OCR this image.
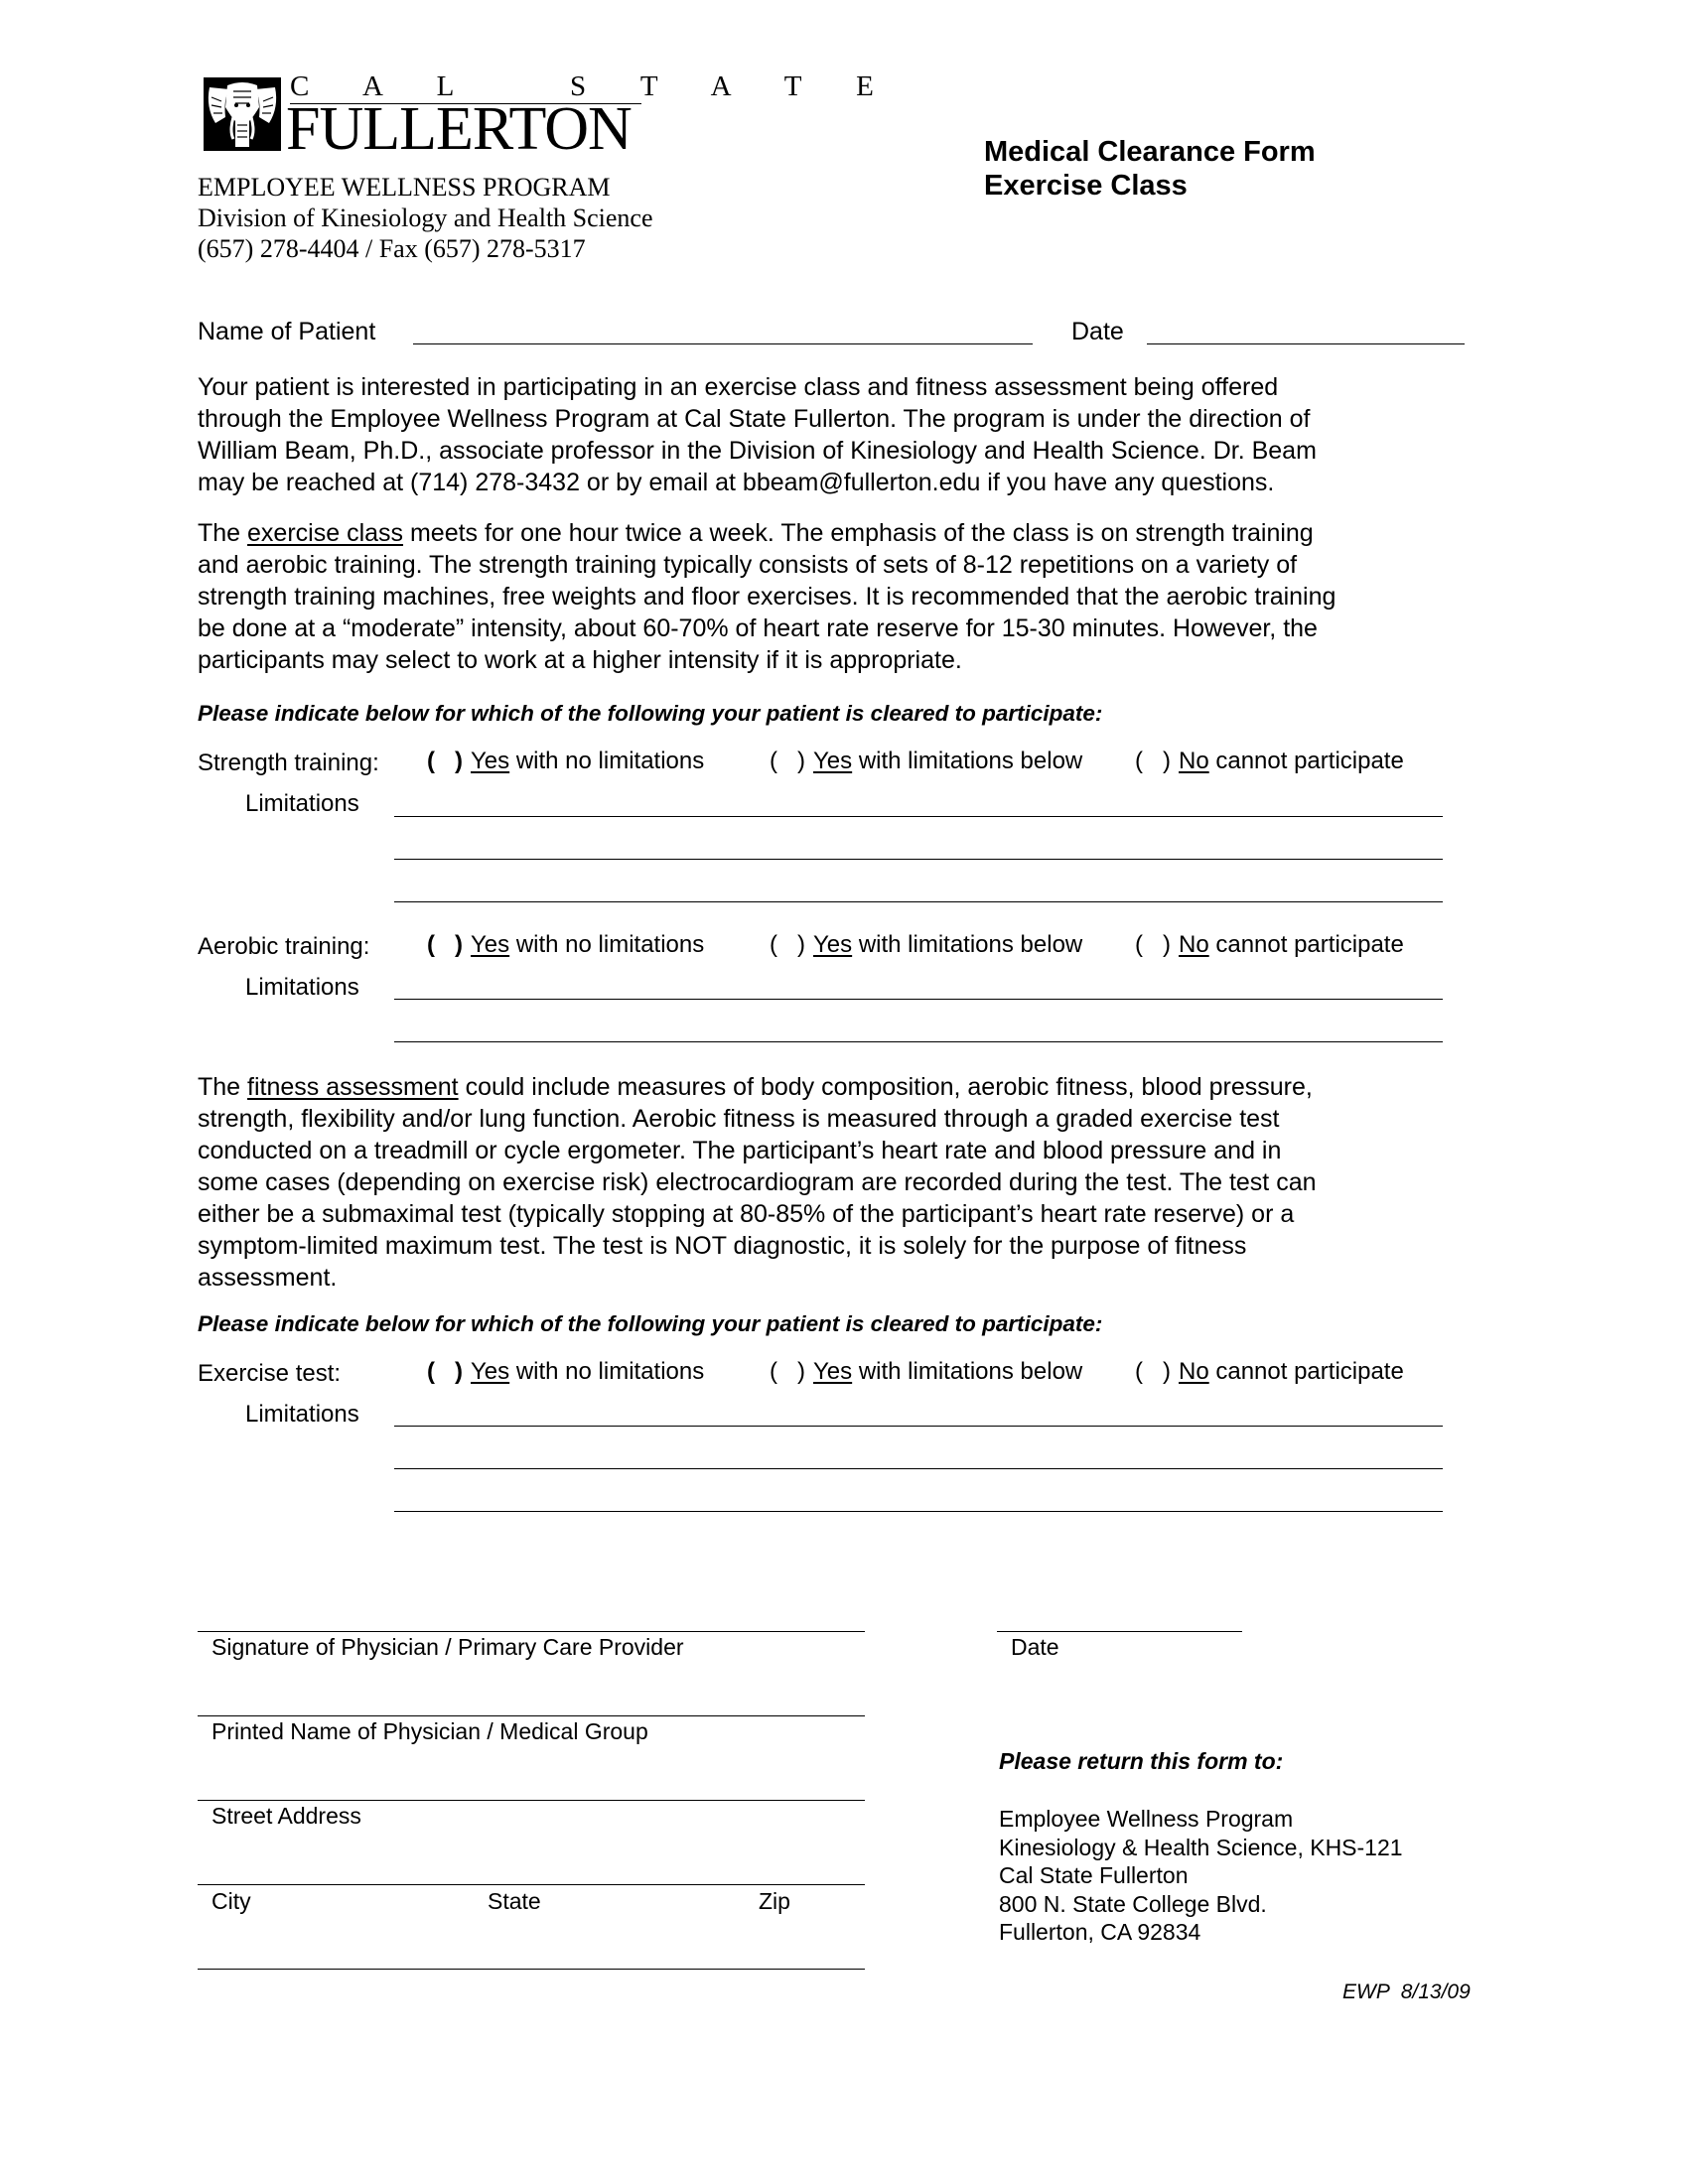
C A L   S T A T E
FULLERTON
EMPLOYEE WELLNESS PROGRAM
Division of Kinesiology and Health Science
(657) 278-4404 / Fax (657) 278-5317
Medical Clearance Form
Exercise Class
Name of Patient	Date
Your patient is interested in participating in an exercise class and fitness assessment being offered
through the Employee Wellness Program at Cal State Fullerton. The program is under the direction of
William Beam, Ph.D., associate professor in the Division of Kinesiology and Health Science. Dr. Beam
may be reached at (714) 278-3432 or by email at bbeam@fullerton.edu if you have any questions.
The exercise class meets for one hour twice a week. The emphasis of the class is on strength training
and aerobic training. The strength training typically consists of sets of 8-12 repetitions on a variety of
strength training machines, free weights and floor exercises. It is recommended that the aerobic training
be done at a “moderate” intensity, about 60-70% of heart rate reserve for 15-30 minutes. However, the
participants may select to work at a higher intensity if it is appropriate.
Please indicate below for which of the following your patient is cleared to participate:
Strength training: (   ) Yes with no limitations	(   ) Yes with limitations below (   ) No cannot participate
Limitations
Aerobic training: (   ) Yes with no limitations	(   ) Yes with limitations below (   ) No cannot participate
Limitations
The fitness assessment could include measures of body composition, aerobic fitness, blood pressure,
strength, flexibility and/or lung function. Aerobic fitness is measured through a graded exercise test
conducted on a treadmill or cycle ergometer. The participant’s heart rate and blood pressure and in
some cases (depending on exercise risk) electrocardiogram are recorded during the test. The test can
either be a submaximal test (typically stopping at 80-85% of the participant’s heart rate reserve) or a
symptom-limited maximum test. The test is NOT diagnostic, it is solely for the purpose of fitness
assessment.
Please indicate below for which of the following your patient is cleared to participate:
Exercise test:	(   ) Yes with no limitations	(   ) Yes with limitations below (   ) No cannot participate
Limitations
Signature of Physician / Primary Care Provider	Date
Printed Name of Physician / Medical Group
Street Address
City	State	Zip
Please return this form to:
Employee Wellness Program
Kinesiology & Health Science, KHS-121
Cal State Fullerton
800 N. State College Blvd.
Fullerton, CA 92834
EWP  8/13/09
